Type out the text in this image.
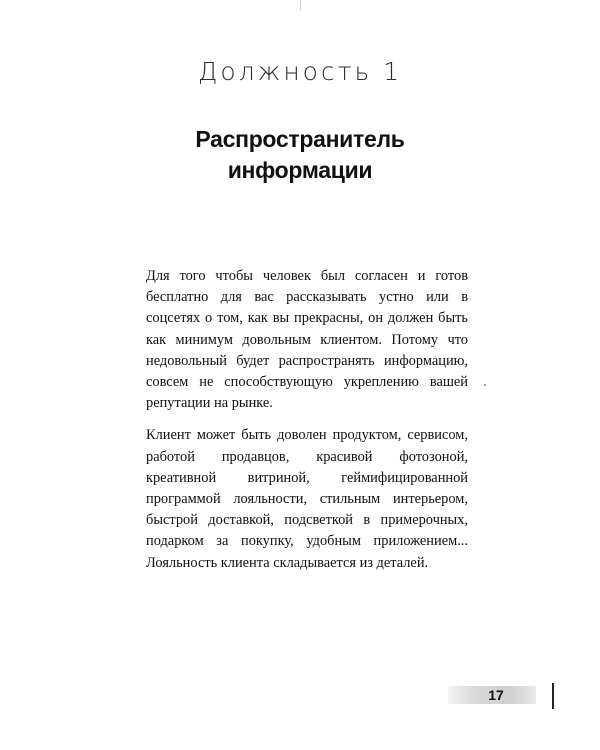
Должность 1
Распространитель
информации

Для того чтобы человек был согласен и готов бесплатно для вас рассказывать устно или в соцсетях о том, как вы прекрасны, он должен быть как минимум довольным клиентом. Потому что недовольный будет распространять информацию, совсем не способствующую укреплению вашей репутации на рынке.

Клиент может быть доволен продуктом, сервисом, работой продавцов, красивой фотозоной, креативной витриной, геймифицированной программой лояльности, стильным интерьером, быстрой доставкой, подсветкой в примерочных, подарком за покупку, удобным приложением... Лояльность клиента складывается из деталей.

17
